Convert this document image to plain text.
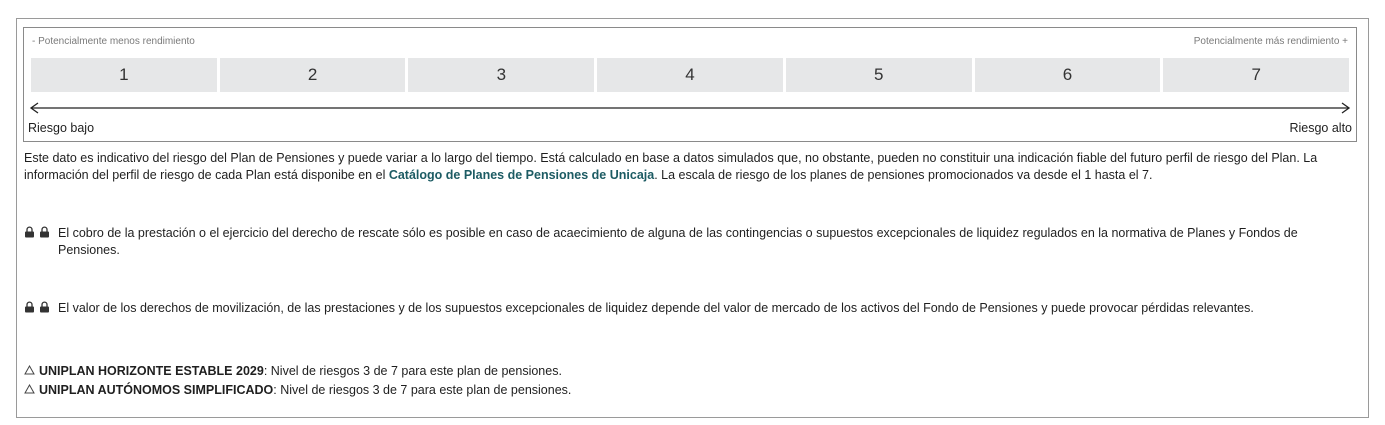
- Potencialmente menos rendimiento	Potencialmente más rendimiento +
1	2	3	4	5	6	7
Riesgo bajo	Riesgo alto

Este dato es indicativo del riesgo del Plan de Pensiones y puede variar a lo largo del tiempo. Está calculado en base a datos simulados que, no obstante, pueden no constituir una indicación fiable del futuro perfil de riesgo del Plan. La información del perfil de riesgo de cada Plan está disponibe en el Catálogo de Planes de Pensiones de Unicaja. La escala de riesgo de los planes de pensiones promocionados va desde el 1 hasta el 7.

El cobro de la prestación o el ejercicio del derecho de rescate sólo es posible en caso de acaecimiento de alguna de las contingencias o supuestos excepcionales de liquidez regulados en la normativa de Planes y Fondos de Pensiones.

El valor de los derechos de movilización, de las prestaciones y de los supuestos excepcionales de liquidez depende del valor de mercado de los activos del Fondo de Pensiones y puede provocar pérdidas relevantes.

UNIPLAN HORIZONTE ESTABLE 2029: Nivel de riesgos 3 de 7 para este plan de pensiones.
UNIPLAN AUTÓNOMOS SIMPLIFICADO: Nivel de riesgos 3 de 7 para este plan de pensiones.
